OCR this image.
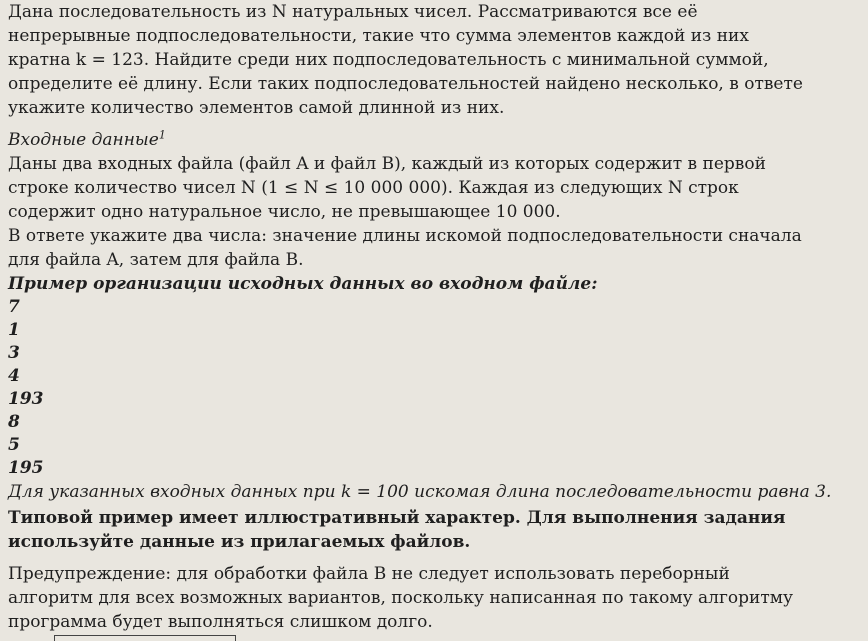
Дана последовательность из N натуральных чисел. Рассматриваются все её

непрерывные подпоследовательности, такие что сумма элементов каждой из них

кратна k = 123. Найдите среди них подпоследовательность с минимальной суммой,

определите её длину. Если таких подпоследовательностей найдено несколько, в ответе

укажите количество элементов самой длинной из них.

Входные данные$^1$

Даны два входных файла (файл A и файл B), каждый из которых содержит в первой

строке количество чисел N (1 ≤ N ≤ 10 000 000). Каждая из следующих N строк

содержит одно натуральное число, не превышающее 10 000.

В ответе укажите два числа: значение длины искомой подпоследовательности сначала

для файла A, затем для файла B.

Пример организации исходных данных во входном файле:

7
1
3
4
193
8
5
195

Для указанных входных данных при k = 100 искомая длина последовательности равна 3.

Типовой пример имеет иллюстративный характер. Для выполнения задания

используйте данные из прилагаемых файлов.

Предупреждение: для обработки файла B не следует использовать переборный

алгоритм для всех возможных вариантов, поскольку написанная по такому алгоритму

программа будет выполняться слишком долго.
